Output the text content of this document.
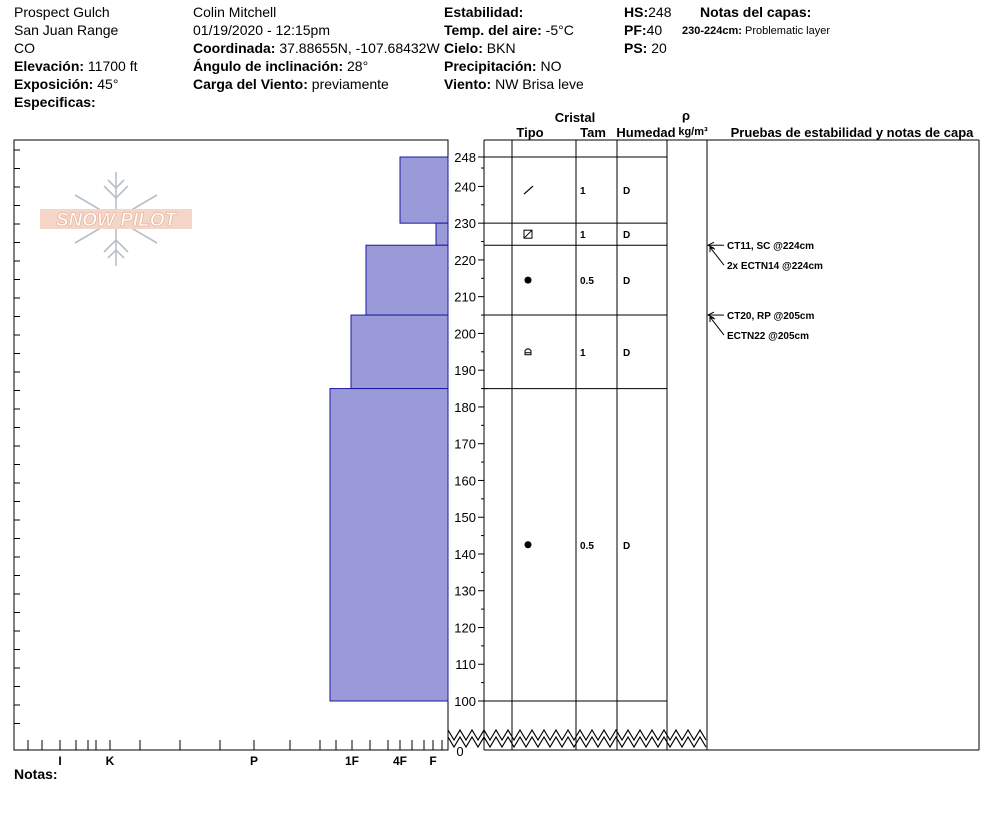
Prospect Gulch
San Juan Range
CO
Elevación: 11700 ft
Exposición: 45°
Especificas:
Colin Mitchell
01/19/2020 - 12:15pm
Coordinada: 37.88655N, -107.68432W
Ángulo de inclinación: 28°
Carga del Viento: previamente
Estabilidad:
Temp. del aire: -5°C
Cielo: BKN
Precipitación: NO
Viento: NW Brisa leve
HS:248
PF:40
PS: 20
Notas del capas:
230-224cm: Problematic layer
Notas:
SNOW PILOT
I	K	P	1F	4F F
248
240
230
220
210
200
190
180
170
160
150
140
130
120
110
100
0
Cristal
Tipo	Tam Humedad
ρ
kg/m³ Pruebas de estabilidad y notas de capa
1	D
1	D
0.5	D
1	D
0.5	D
CT11, SC @224cm
2x ECTN14 @224cm
CT20, RP @205cm
ECTN22 @205cm
